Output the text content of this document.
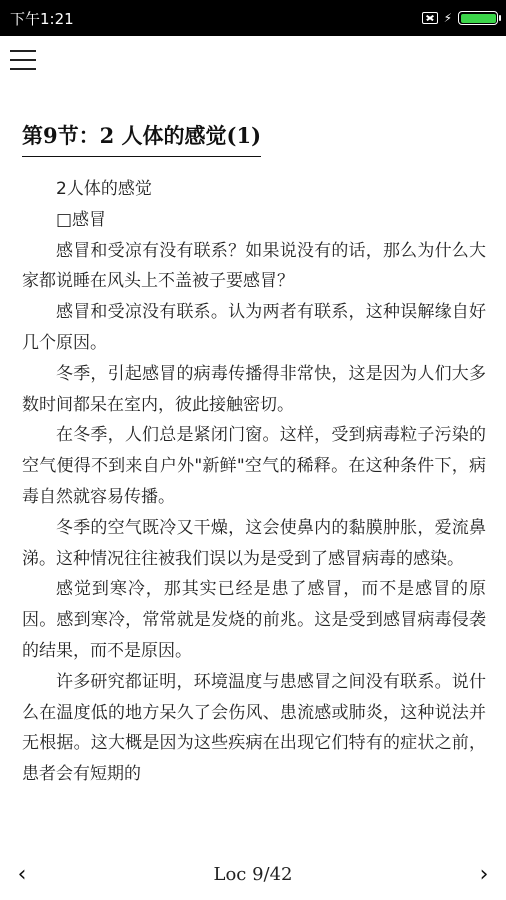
下午1:21	⚡
第9节：2 人体的感觉(1)

2人体的感觉

□感冒

感冒和受凉有没有联系？如果说没有的话，那么为什么大家都说睡在风头上不盖被子要感冒？

感冒和受凉没有联系。认为两者有联系，这种误解缘自好几个原因。

冬季，引起感冒的病毒传播得非常快，这是因为人们大多数时间都呆在室内，彼此接触密切。

在冬季，人们总是紧闭门窗。这样，受到病毒粒子污染的空气便得不到来自户外"新鲜"空气的稀释。在这种条件下，病毒自然就容易传播。

冬季的空气既冷又干燥，这会使鼻内的黏膜肿胀，爱流鼻涕。这种情况往往被我们误以为是受到了感冒病毒的感染。

感觉到寒冷，那其实已经是患了感冒，而不是感冒的原因。感到寒冷，常常就是发烧的前兆。这是受到感冒病毒侵袭的结果，而不是原因。

许多研究都证明，环境温度与患感冒之间没有联系。说什么在温度低的地方呆久了会伤风、患流感或肺炎，这种说法并无根据。这大概是因为这些疾病在出现它们特有的症状之前，患者会有短期的

‹	Loc 9/42	›
